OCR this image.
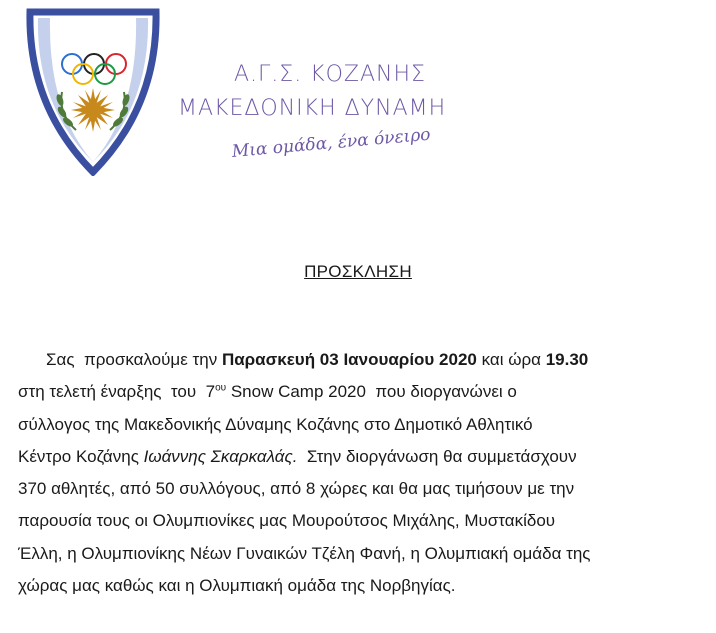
Α.Γ.Σ. ΚΟΖΑΝΗΣ
ΜΑΚΕΔΟΝΙΚΗ ΔΥΝΑΜΗ
Μια ομάδα, ένα όνειρο
ΠΡΟΣΚΛΗΣΗ
Σας  προσκαλούμε την Παρασκευή 03 Ιανουαρίου 2020 και ώρα 19.30
στη τελετή έναρξης  του  $7^{o\upsilon}$ Snow Camp 2020  που διοργανώνει ο
σύλλογος της Μακεδονικής Δύναμης Κοζάνης στο Δημοτικό Αθλητικό
Κέντρο Κοζάνης Ιωάννης Σκαρκαλάς.  Στην διοργάνωση θα συμμετάσχουν
370 αθλητές, από 50 συλλόγους, από 8 χώρες και θα μας τιμήσουν με την
παρουσία τους οι Ολυμπιονίκες μας Μουρούτσος Μιχάλης, Μυστακίδου
Έλλη, η Ολυμπιονίκης Νέων Γυναικών Τζέλη Φανή, η Ολυμπιακή ομάδα της
χώρας μας καθώς και η Ολυμπιακή ομάδα της Νορβηγίας.
